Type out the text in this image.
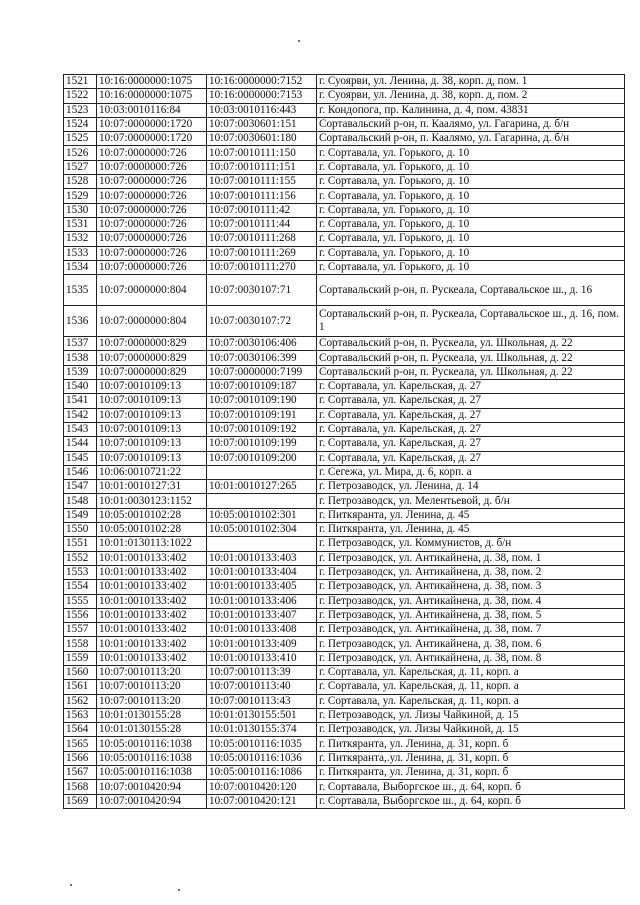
1521	10:16:0000000:1075	10:16:0000000:7152	г. Суоярви, ул. Ленина, д. 38, корп. д, пом. 1
1522	10:16:0000000:1075	10:16:0000000:7153	г. Суоярви, ул. Ленина, д. 38, корп. д, пом. 2
1523	10:03:0010116:84	10:03:0010116:443	г. Кондопога, пр. Калинина, д. 4, пом. 43831
1524	10:07:0000000:1720	10:07:0030601:151	Сортавальский р-он, п. Каалямо, ул. Гагарина, д. б/н
1525	10:07:0000000:1720	10:07:0030601:180	Сортавальский р-он, п. Каалямо, ул. Гагарина, д. б/н
1526	10:07:0000000:726	10:07:0010111:150	г. Сортавала, ул. Горького, д. 10
1527	10:07:0000000:726	10:07:0010111:151	г. Сортавала, ул. Горького, д. 10
1528	10:07:0000000:726	10:07:0010111:155	г. Сортавала, ул. Горького, д. 10
1529	10:07:0000000:726	10:07:0010111:156	г. Сортавала, ул. Горького, д. 10
1530	10:07:0000000:726	10:07:0010111:42	г. Сортавала, ул. Горького, д. 10
1531	10:07:0000000:726	10:07:0010111:44	г. Сортавала, ул. Горького, д. 10
1532	10:07:0000000:726	10:07:0010111:268	г. Сортавала, ул. Горького, д. 10
1533	10:07:0000000:726	10:07:0010111:269	г. Сортавала, ул. Горького, д. 10
1534	10:07:0000000:726	10:07:0010111:270	г. Сортавала, ул. Горького, д. 10
1535	10:07:0000000:804	10:07:0030107:71	Сортавальский р-он, п. Рускеала, Сортавальское ш., д. 16
1536	10:07:0000000:804	10:07:0030107:72	Сортавальский р-он, п. Рускеала, Сортавальское ш., д. 16, пом. 1
1537	10:07:0000000:829	10:07:0030106:406	Сортавальский р-он, п. Рускеала, ул. Школьная, д. 22
1538	10:07:0000000:829	10:07:0030106:399	Сортавальский р-он, п. Рускеала, ул. Школьная, д. 22
1539	10:07:0000000:829	10:07:0000000:7199	Сортавальский р-он, п. Рускеала, ул. Школьная, д. 22
1540	10:07:0010109:13	10:07:0010109:187	г. Сортавала, ул. Карельская, д. 27
1541	10:07:0010109:13	10:07:0010109:190	г. Сортавала, ул. Карельская, д. 27
1542	10:07:0010109:13	10:07:0010109:191	г. Сортавала, ул. Карельская, д. 27
1543	10:07:0010109:13	10:07:0010109:192	г. Сортавала, ул. Карельская, д. 27
1544	10:07:0010109:13	10:07:0010109:199	г. Сортавала, ул. Карельская, д. 27
1545	10:07:0010109:13	10:07:0010109:200	г. Сортавала, ул. Карельская, д. 27
1546	10:06:0010721:22		г. Сегежа, ул. Мира, д. 6, корп. а
1547	10:01:0010127:31	10:01:0010127:265	г. Петрозаводск, ул. Ленина, д. 14
1548	10:01:0030123:1152		г. Петрозаводск, ул. Мелентьевой, д. б/н
1549	10:05:0010102:28	10:05:0010102:301	г. Питкяранта, ул. Ленина, д. 45
1550	10:05:0010102:28	10:05:0010102:304	г. Питкяранта, ул. Ленина, д. 45
1551	10:01:0130113:1022		г. Петрозаводск, ул. Коммунистов, д. б/н
1552	10:01:0010133:402	10:01:0010133:403	г. Петрозаводск, ул. Антикайнена, д. 38, пом. 1
1553	10:01:0010133:402	10:01:0010133:404	г. Петрозаводск, ул. Антикайнена, д. 38, пом. 2
1554	10:01:0010133:402	10:01:0010133:405	г. Петрозаводск, ул. Антикайнена, д. 38, пом. 3
1555	10:01:0010133:402	10:01:0010133:406	г. Петрозаводск, ул. Антикайнена, д. 38, пом. 4
1556	10:01:0010133:402	10:01:0010133:407	г. Петрозаводск, ул. Антикайнена, д. 38, пом. 5
1557	10:01:0010133:402	10:01:0010133:408	г. Петрозаводск, ул. Антикайнена, д. 38, пом. 7
1558	10:01:0010133:402	10:01:0010133:409	г. Петрозаводск, ул. Антикайнена, д. 38, пом. 6
1559	10:01:0010133:402	10:01:0010133:410	г. Петрозаводск, ул. Антикайнена, д. 38, пом. 8
1560	10:07:0010113:20	10:07:0010113:39	г. Сортавала, ул. Карельская, д. 11, корп. а
1561	10:07:0010113:20	10:07:0010113:40	г. Сортавала, ул. Карельская, д. 11, корп. а
1562	10:07:0010113:20	10:07:0010113:43	г. Сортавала, ул. Карельская, д. 11, корп. а
1563	10:01:0130155:28	10:01:0130155:501	г. Петрозаводск, ул. Лизы Чайкиной, д. 15
1564	10:01:0130155:28	10:01:0130155:374	г. Петрозаводск, ул. Лизы Чайкиной, д. 15
1565	10:05:0010116:1038	10:05:0010116:1035	г. Питкяранта, ул. Ленина, д. 31, корп. б
1566	10:05:0010116:1038	10:05:0010116:1036	г. Питкяранта,.ул. Ленина, д. 31, корп. б
1567	10:05:0010116:1038	10:05:0010116:1086	г. Питкяранта, ул. Ленина, д. 31, корп. б
1568	10:07:0010420:94	10:07:0010420:120	г. Сортавала, Выборгское ш., д. 64, корп. б
1569	10:07:0010420:94	10:07:0010420:121	г. Сортавала, Выборгское ш., д. 64, корп. б
